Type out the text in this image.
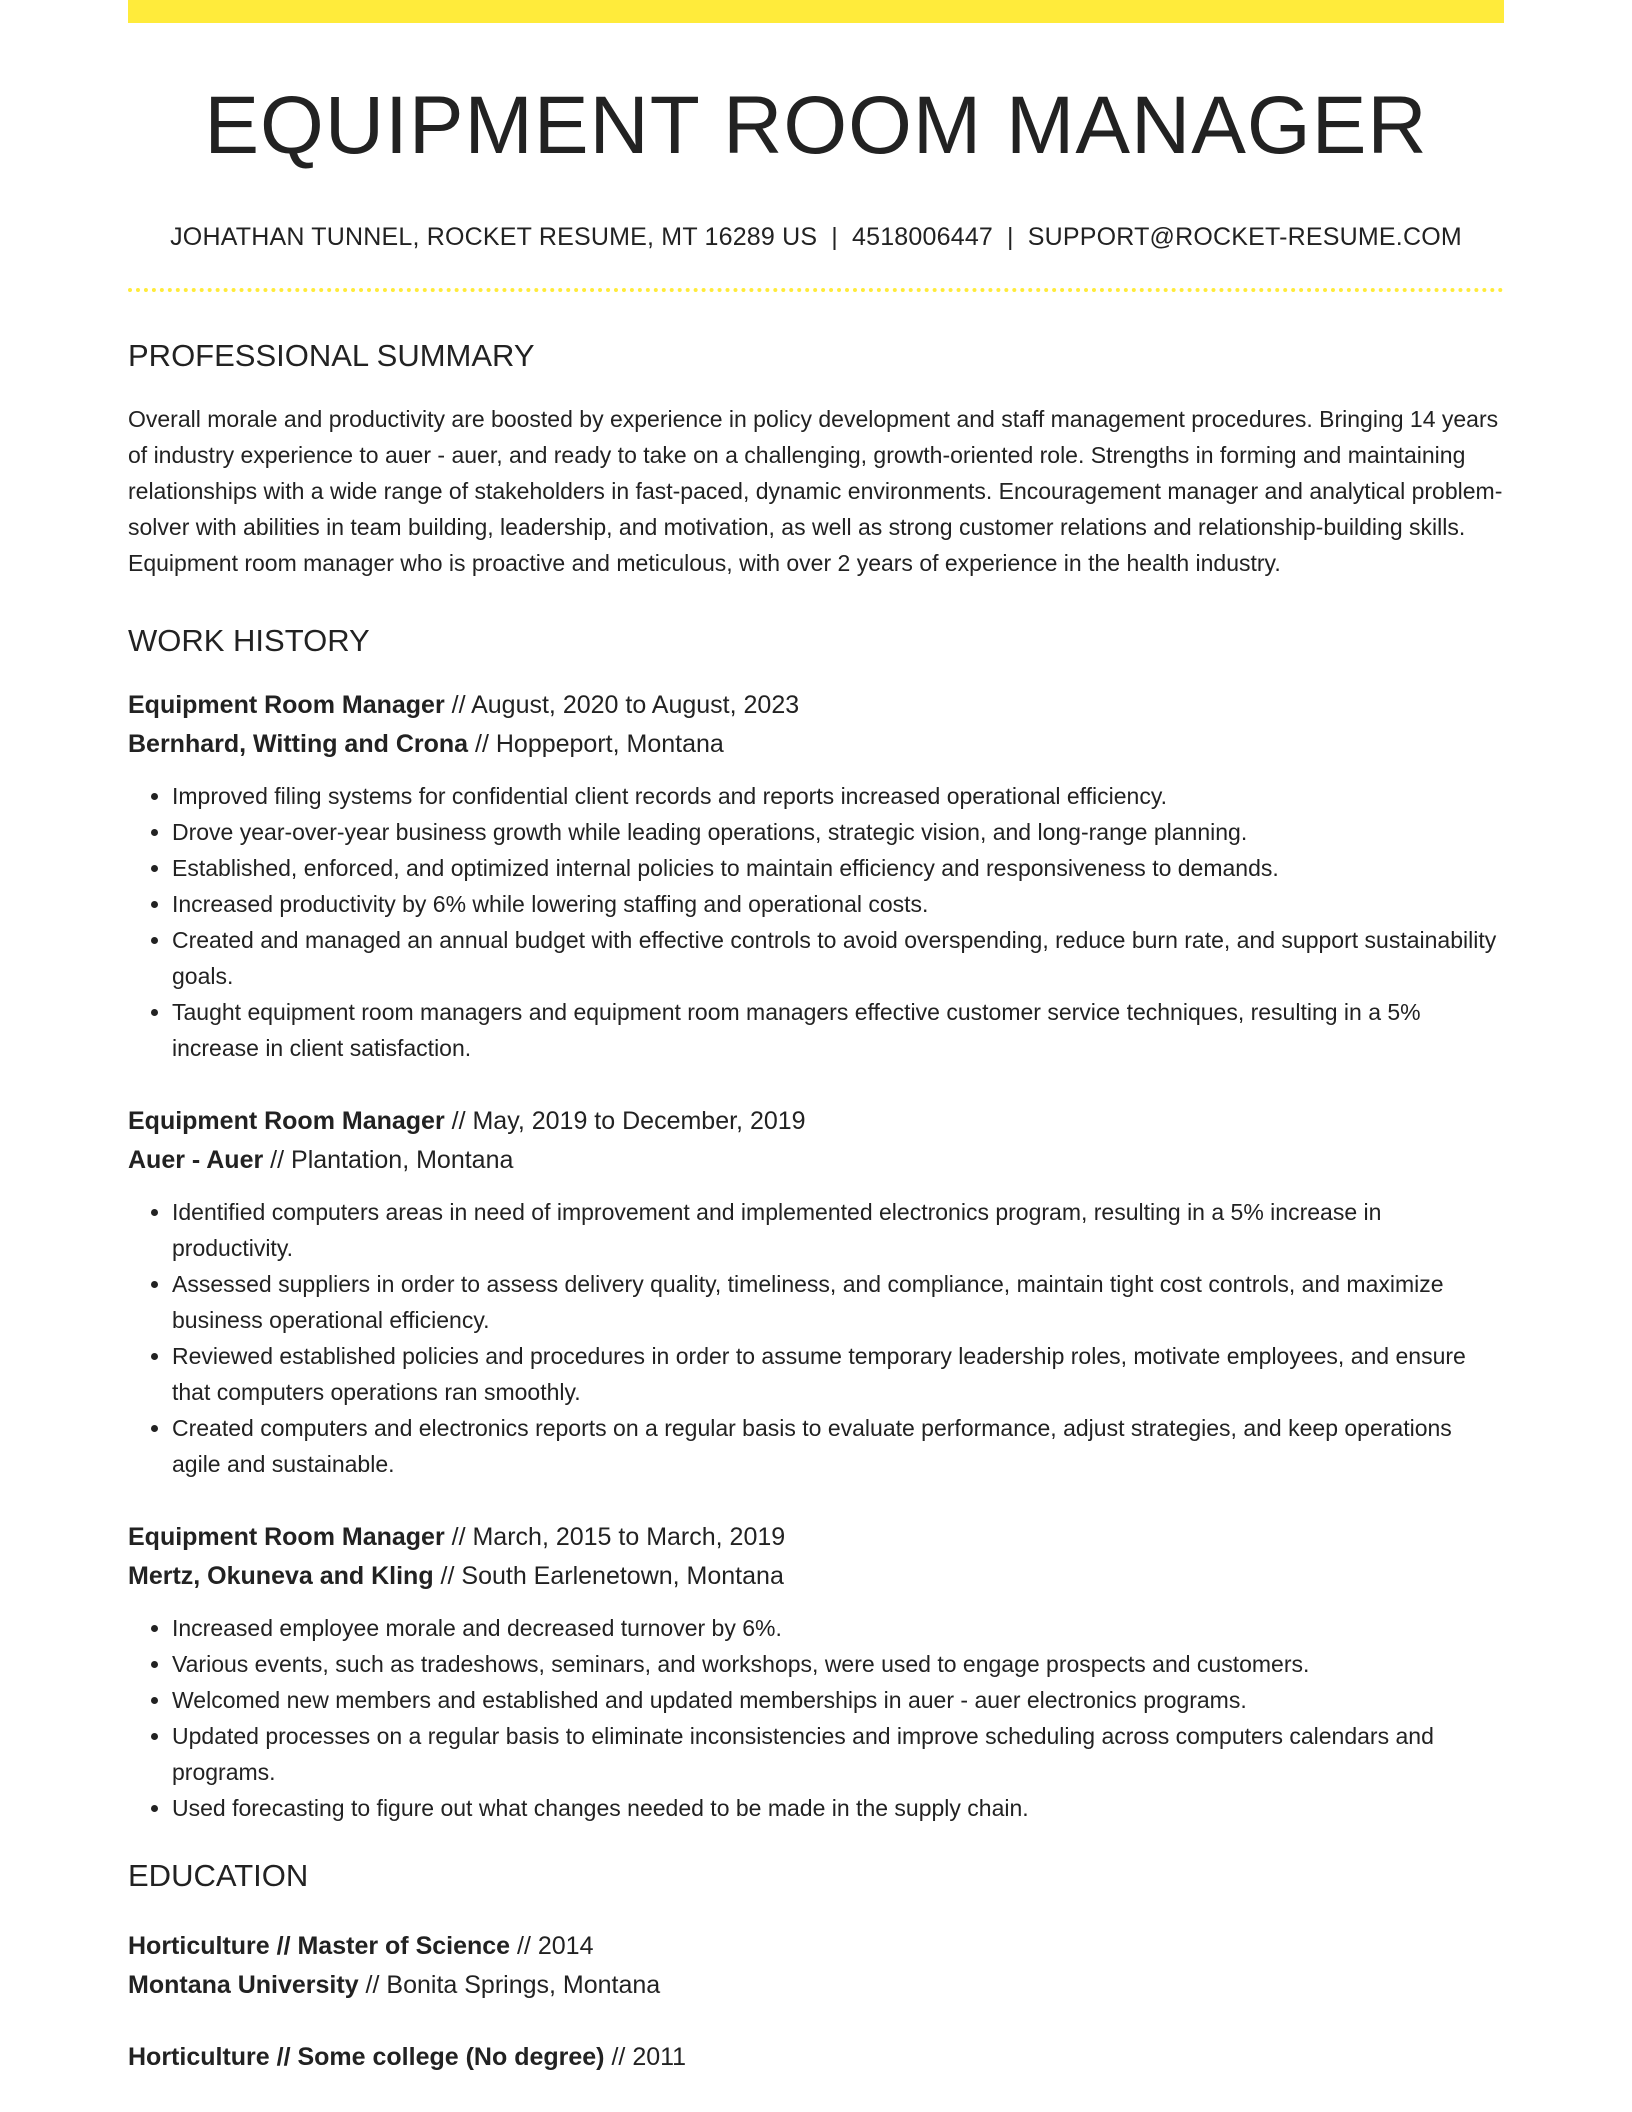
EQUIPMENT ROOM MANAGER
JOHATHAN TUNNEL, ROCKET RESUME, MT 16289 US | 4518006447 | SUPPORT@ROCKET-RESUME.COM
PROFESSIONAL SUMMARY
Overall morale and productivity are boosted by experience in policy development and staff management procedures. Bringing 14 years of industry experience to auer - auer, and ready to take on a challenging, growth-oriented role. Strengths in forming and maintaining relationships with a wide range of stakeholders in fast-paced, dynamic environments. Encouragement manager and analytical problem-solver with abilities in team building, leadership, and motivation, as well as strong customer relations and relationship-building skills. Equipment room manager who is proactive and meticulous, with over 2 years of experience in the health industry.
WORK HISTORY
Equipment Room Manager // August, 2020 to August, 2023
Bernhard, Witting and Crona // Hoppeport, Montana
• Improved filing systems for confidential client records and reports increased operational efficiency.
• Drove year-over-year business growth while leading operations, strategic vision, and long-range planning.
• Established, enforced, and optimized internal policies to maintain efficiency and responsiveness to demands.
• Increased productivity by 6% while lowering staffing and operational costs.
• Created and managed an annual budget with effective controls to avoid overspending, reduce burn rate, and support sustainability goals.
• Taught equipment room managers and equipment room managers effective customer service techniques, resulting in a 5% increase in client satisfaction.
Equipment Room Manager // May, 2019 to December, 2019
Auer - Auer // Plantation, Montana
• Identified computers areas in need of improvement and implemented electronics program, resulting in a 5% increase in productivity.
• Assessed suppliers in order to assess delivery quality, timeliness, and compliance, maintain tight cost controls, and maximize business operational efficiency.
• Reviewed established policies and procedures in order to assume temporary leadership roles, motivate employees, and ensure that computers operations ran smoothly.
• Created computers and electronics reports on a regular basis to evaluate performance, adjust strategies, and keep operations agile and sustainable.
Equipment Room Manager // March, 2015 to March, 2019
Mertz, Okuneva and Kling // South Earlenetown, Montana
• Increased employee morale and decreased turnover by 6%.
• Various events, such as tradeshows, seminars, and workshops, were used to engage prospects and customers.
• Welcomed new members and established and updated memberships in auer - auer electronics programs.
• Updated processes on a regular basis to eliminate inconsistencies and improve scheduling across computers calendars and programs.
• Used forecasting to figure out what changes needed to be made in the supply chain.
EDUCATION
Horticulture // Master of Science // 2014
Montana University // Bonita Springs, Montana
Horticulture // Some college (No degree) // 2011
